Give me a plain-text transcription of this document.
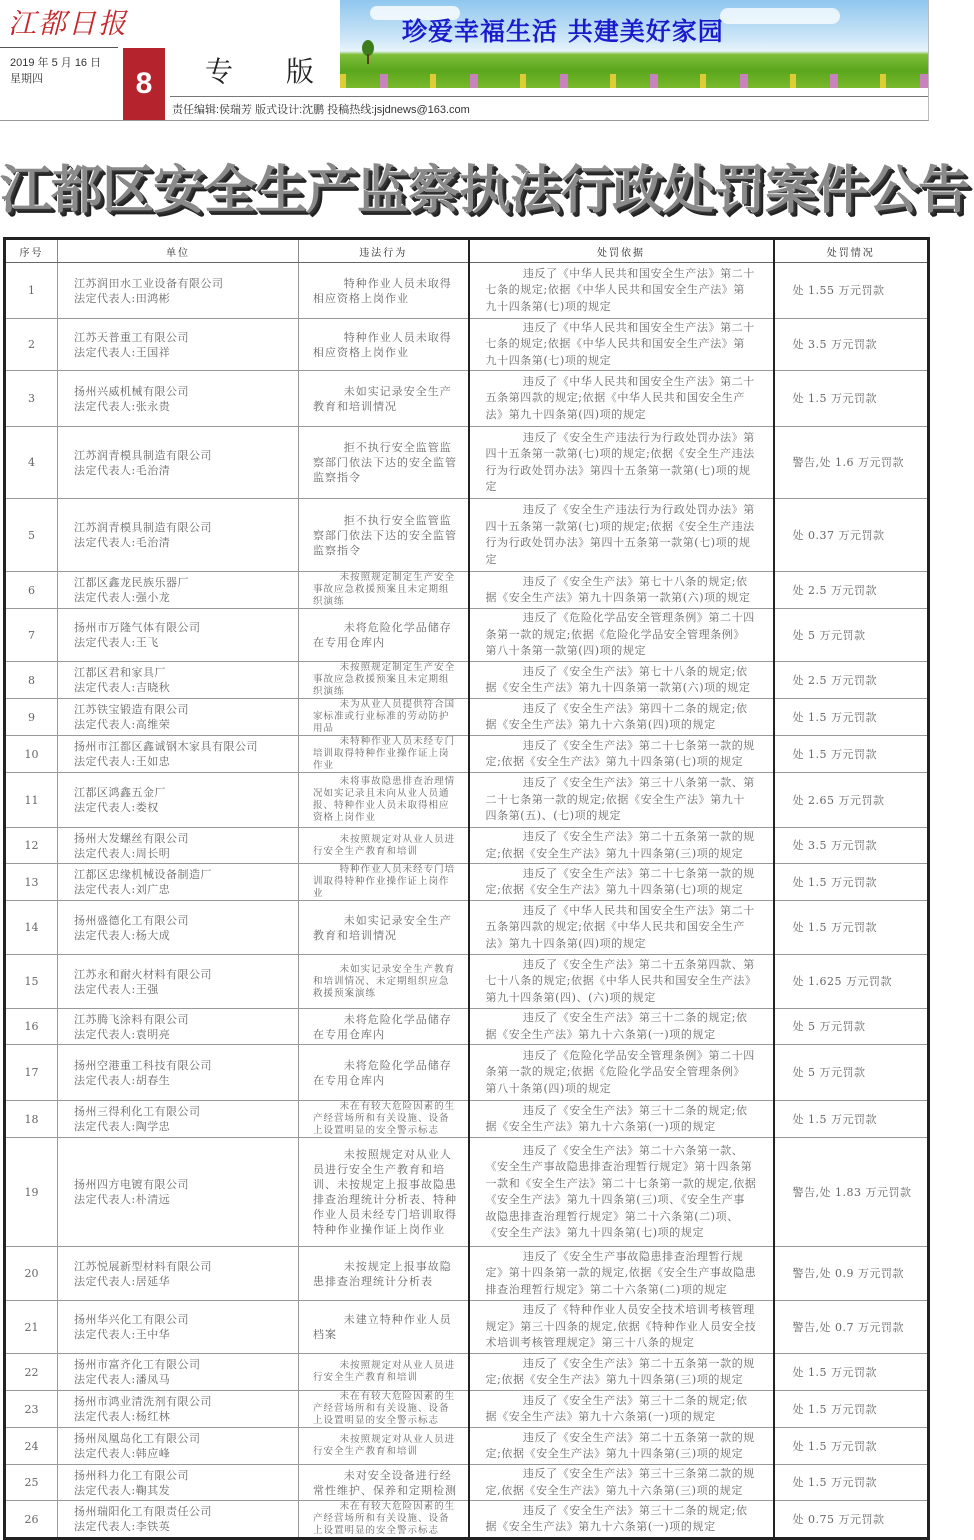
江都日报
2019 年 5 月 16 日
星期四	8	专 版
珍爱幸福生活 共建美好家园
责任编辑:侯瑞芳 版式设计:沈鹏 投稿热线:jsjdnews@163.com
江都区安全生产监察执法行政处罚案件公告
序号	单位	违法行为	处罚依据	处罚情况
1	江苏润田水工业设备有限公司
法定代表人:田鸿彬	特种作业人员未取得相应资格上岗作业	违反了《中华人民共和国安全生产法》第二十七条的规定;依据《中华人民共和国安全生产法》第九十四条第(七)项的规定	处 1.55 万元罚款
2	江苏天普重工有限公司
法定代表人:王国祥	特种作业人员未取得相应资格上岗作业	违反了《中华人民共和国安全生产法》第二十七条的规定;依据《中华人民共和国安全生产法》第九十四条第(七)项的规定	处 3.5 万元罚款
3	扬州兴威机械有限公司
法定代表人:张永贵	未如实记录安全生产教育和培训情况	违反了《中华人民共和国安全生产法》第二十五条第四款的规定;依据《中华人民共和国安全生产法》第九十四条第(四)项的规定	处 1.5 万元罚款
4	江苏润青模具制造有限公司
法定代表人:毛治清	拒不执行安全监管监察部门依法下达的安全监管监察指令	违反了《安全生产违法行为行政处罚办法》第四十五条第一款第(七)项的规定;依据《安全生产违法行为行政处罚办法》第四十五条第一款第(七)项的规定	警告,处 1.6 万元罚款
5	江苏润青模具制造有限公司
法定代表人:毛治清	拒不执行安全监管监察部门依法下达的安全监管监察指令	违反了《安全生产违法行为行政处罚办法》第四十五条第一款第(七)项的规定;依据《安全生产违法行为行政处罚办法》第四十五条第一款第(七)项的规定	处 0.37 万元罚款
6	江都区鑫龙民族乐器厂
法定代表人:强小龙	未按照规定制定生产安全事故应急救援预案且未定期组织演练	违反了《安全生产法》第七十八条的规定;依据《安全生产法》第九十四条第一款第(六)项的规定	处 2.5 万元罚款
7	扬州市万隆气体有限公司
法定代表人:王飞	未将危险化学品储存在专用仓库内	违反了《危险化学品安全管理条例》第二十四条第一款的规定;依据《危险化学品安全管理条例》第八十条第一款第(四)项的规定	处 5 万元罚款
8	江都区君和家具厂
法定代表人:吉晓秋	未按照规定制定生产安全事故应急救援预案且未定期组织演练	违反了《安全生产法》第七十八条的规定;依据《安全生产法》第九十四条第一款第(六)项的规定	处 2.5 万元罚款
9	江苏铁宝锻造有限公司
法定代表人:高维荣	未为从业人员提供符合国家标准或行业标准的劳动防护用品	违反了《安全生产法》第四十二条的规定;依据《安全生产法》第九十六条第(四)项的规定	处 1.5 万元罚款
10	扬州市江都区鑫诚钢木家具有限公司
法定代表人:王如忠	未特种作业人员未经专门培训取得特种作业操作证上岗作业	违反了《安全生产法》第二十七条第一款的规定;依据《安全生产法》第九十四条第(七)项的规定	处 1.5 万元罚款
11	江都区鸿鑫五金厂
法定代表人:娄权	未将事故隐患排查治理情况如实记录且未向从业人员通报、特种作业人员未取得相应资格上岗作业	违反了《安全生产法》第三十八条第一款、第二十七条第一款的规定;依据《安全生产法》第九十四条第(五)、(七)项的规定	处 2.65 万元罚款
12	扬州大发螺丝有限公司
法定代表人:周长明	未按照规定对从业人员进行安全生产教育和培训	违反了《安全生产法》第二十五条第一款的规定;依据《安全生产法》第九十四条第(三)项的规定	处 3.5 万元罚款
13	江都区忠缘机械设备制造厂
法定代表人:刘广忠	特种作业人员未经专门培训取得特种作业操作证上岗作业	违反了《安全生产法》第二十七条第一款的规定;依据《安全生产法》第九十四条第(七)项的规定	处 1.5 万元罚款
14	扬州盛德化工有限公司
法定代表人:杨大成	未如实记录安全生产教育和培训情况	违反了《中华人民共和国安全生产法》第二十五条第四款的规定;依据《中华人民共和国安全生产法》第九十四条第(四)项的规定	处 1.5 万元罚款
15	江苏永和耐火材料有限公司
法定代表人:王强	未如实记录安全生产教育和培训情况、未定期组织应急救援预案演练	违反了《安全生产法》第二十五条第四款、第七十八条的规定;依据《中华人民共和国安全生产法》第九十四条第(四)、(六)项的规定	处 1.625 万元罚款
16	江苏腾飞涂料有限公司
法定代表人:袁明亮	未将危险化学品储存在专用仓库内	违反了《安全生产法》第三十二条的规定;依据《安全生产法》第九十六条第(一)项的规定	处 5 万元罚款
17	扬州空港重工科技有限公司
法定代表人:胡春生	未将危险化学品储存在专用仓库内	违反了《危险化学品安全管理条例》第二十四条第一款的规定;依据《危险化学品安全管理条例》第八十条第(四)项的规定	处 5 万元罚款
18	扬州三得利化工有限公司
法定代表人:陶学忠	未在有较大危险因素的生产经营场所和有关设施、设备上设置明显的安全警示标志	违反了《安全生产法》第三十二条的规定;依据《安全生产法》第九十六条第(一)项的规定	处 1.5 万元罚款
19	扬州四方电镀有限公司
法定代表人:朴清远	未按照规定对从业人员进行安全生产教育和培训、未按规定上报事故隐患排查治理统计分析表、特种作业人员未经专门培训取得特种作业操作证上岗作业	违反了《安全生产法》第二十六条第一款、《安全生产事故隐患排查治理暂行规定》第十四条第一款和《安全生产法》第二十七条第一款的规定,依据《安全生产法》第九十四条第(三)项、《安全生产事故隐患排查治理暂行规定》第二十六条第(二)项、《安全生产法》第九十四条第(七)项的规定	警告,处 1.83 万元罚款
20	江苏悦展新型材料有限公司
法定代表人:居延华	未按规定上报事故隐患排查治理统计分析表	违反了《安全生产事故隐患排查治理暂行规定》第十四条第一款的规定,依据《安全生产事故隐患排查治理暂行规定》第二十六条第(二)项的规定	警告,处 0.9 万元罚款
21	扬州华兴化工有限公司
法定代表人:王中华	未建立特种作业人员档案	违反了《特种作业人员安全技术培训考核管理规定》第三十四条的规定,依据《特种作业人员安全技术培训考核管理规定》第三十八条的规定	警告,处 0.7 万元罚款
22	扬州市富齐化工有限公司
法定代表人:潘凤马	未按照规定对从业人员进行安全生产教育和培训	违反了《安全生产法》第二十五条第一款的规定;依据《安全生产法》第九十四条第(三)项的规定	处 1.5 万元罚款
23	扬州市鸿业清洗剂有限公司
法定代表人:杨红林	未在有较大危险因素的生产经营场所和有关设施、设备上设置明显的安全警示标志	违反了《安全生产法》第三十二条的规定;依据《安全生产法》第九十六条第(一)项的规定	处 1.5 万元罚款
24	扬州凤凰岛化工有限公司
法定代表人:韩应峰	未按照规定对从业人员进行安全生产教育和培训	违反了《安全生产法》第二十五条第一款的规定;依据《安全生产法》第九十四条第(三)项的规定	处 1.5 万元罚款
25	扬州科力化工有限公司
法定代表人:鞠其发	未对安全设备进行经常性维护、保养和定期检测	违反了《安全生产法》第三十三条第二款的规定,依据《安全生产法》第九十六条第(三)项的规定	处 1.5 万元罚款
26	扬州瑞阳化工有限责任公司
法定代表人:李铁英	未在有较大危险因素的生产经营场所和有关设施、设备上设置明显的安全警示标志	违反了《安全生产法》第三十二条的规定;依据《安全生产法》第九十六条第(一)项的规定	处 0.75 万元罚款
